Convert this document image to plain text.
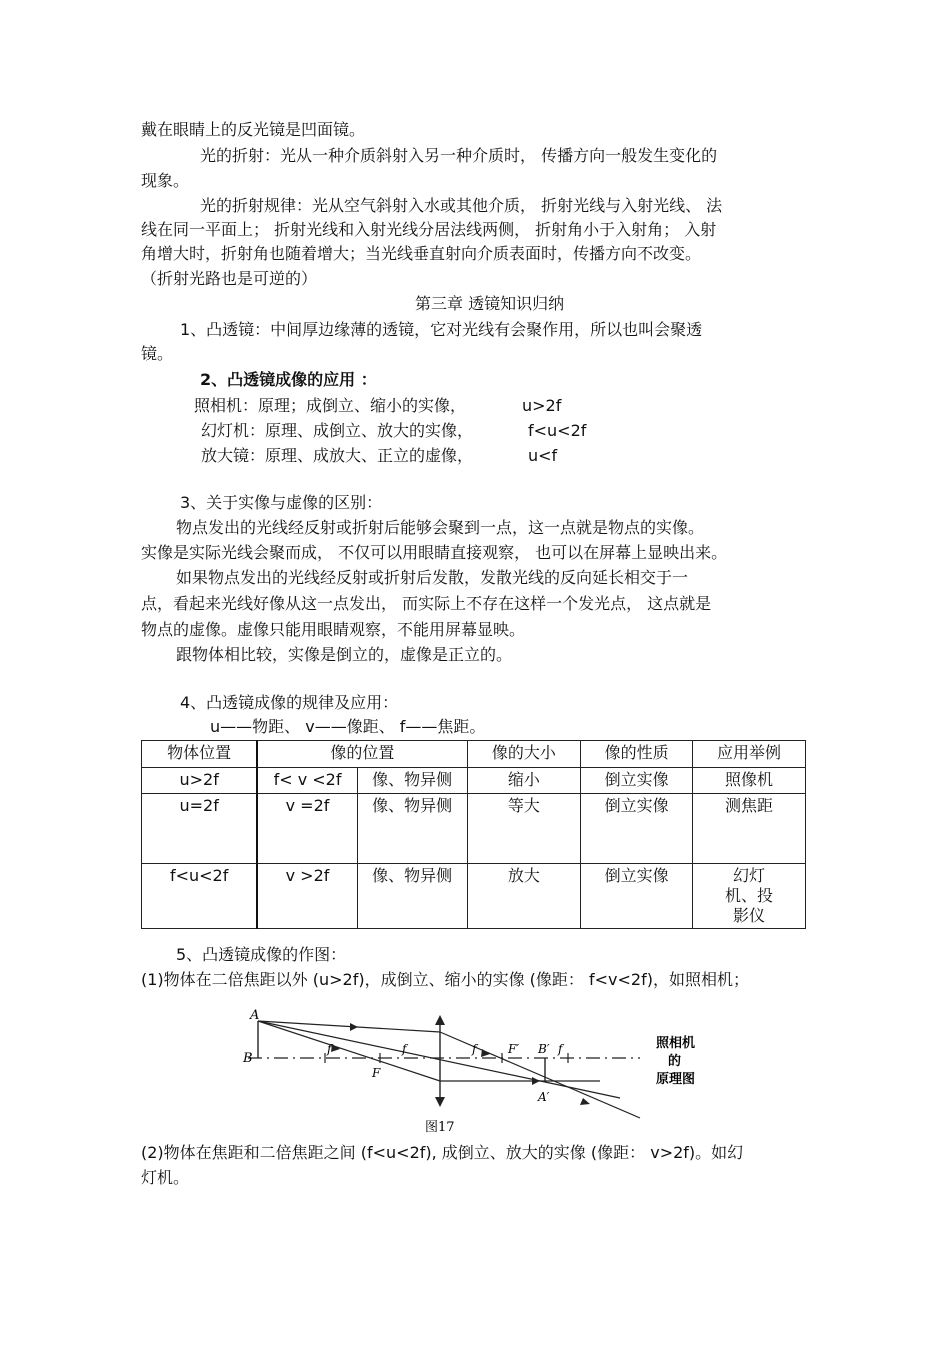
戴在眼睛上的反光镜是凹面镜。
光的折射：光从一种介质斜射入另一种介质时， 传播方向一般发生变化的
现象。
光的折射规律：光从空气斜射入水或其他介质， 折射光线与入射光线、 法
线在同一平面上； 折射光线和入射光线分居法线两侧， 折射角小于入射角； 入射
角增大时，折射角也随着增大；当光线垂直射向介质表面时，传播方向不改变。
（折射光路也是可逆的）
第三章 透镜知识归纳
1、凸透镜：中间厚边缘薄的透镜，它对光线有会聚作用，所以也叫会聚透
镜。
2、凸透镜成像的应用 ：
照相机：原理；成倒立、缩小的实像，	u>2f
幻灯机：原理、成倒立、放大的实像，	f<u<2f
放大镜：原理、成放大、正立的虚像，	u<f
3、关于实像与虚像的区别：
物点发出的光线经反射或折射后能够会聚到一点，这一点就是物点的实像。
实像是实际光线会聚而成， 不仅可以用眼睛直接观察， 也可以在屏幕上显映出来。
如果物点发出的光线经反射或折射后发散，发散光线的反向延长相交于一
点，看起来光线好像从这一点发出， 而实际上不存在这样一个发光点， 这点就是
物点的虚像。虚像只能用眼睛观察，不能用屏幕显映。
跟物体相比较，实像是倒立的，虚像是正立的。
4、凸透镜成像的规律及应用：
u——物距、 v——像距、 f——焦距。
物体位置	像的位置		像的大小	像的性质	应用举例
u>2f	f< v <2f	像、物异侧	缩小	倒立实像	照像机
u=2f	v =2f	像、物异侧	等大	倒立实像	测焦距
f<u<2f	v >2f	像、物异侧	放大	倒立实像	幻灯机、投影仪
5、凸透镜成像的作图：
(1)物体在二倍焦距以外 (u>2f)，成倒立、缩小的实像 (像距： f<v<2f)，如照相机；
A
B
f
F
f	f	F′ B′ f
A′
照相机
的
原理图
图17
(2)物体在焦距和二倍焦距之间 (f<u<2f), 成倒立、放大的实像 (像距： v>2f)。如幻
灯机。
